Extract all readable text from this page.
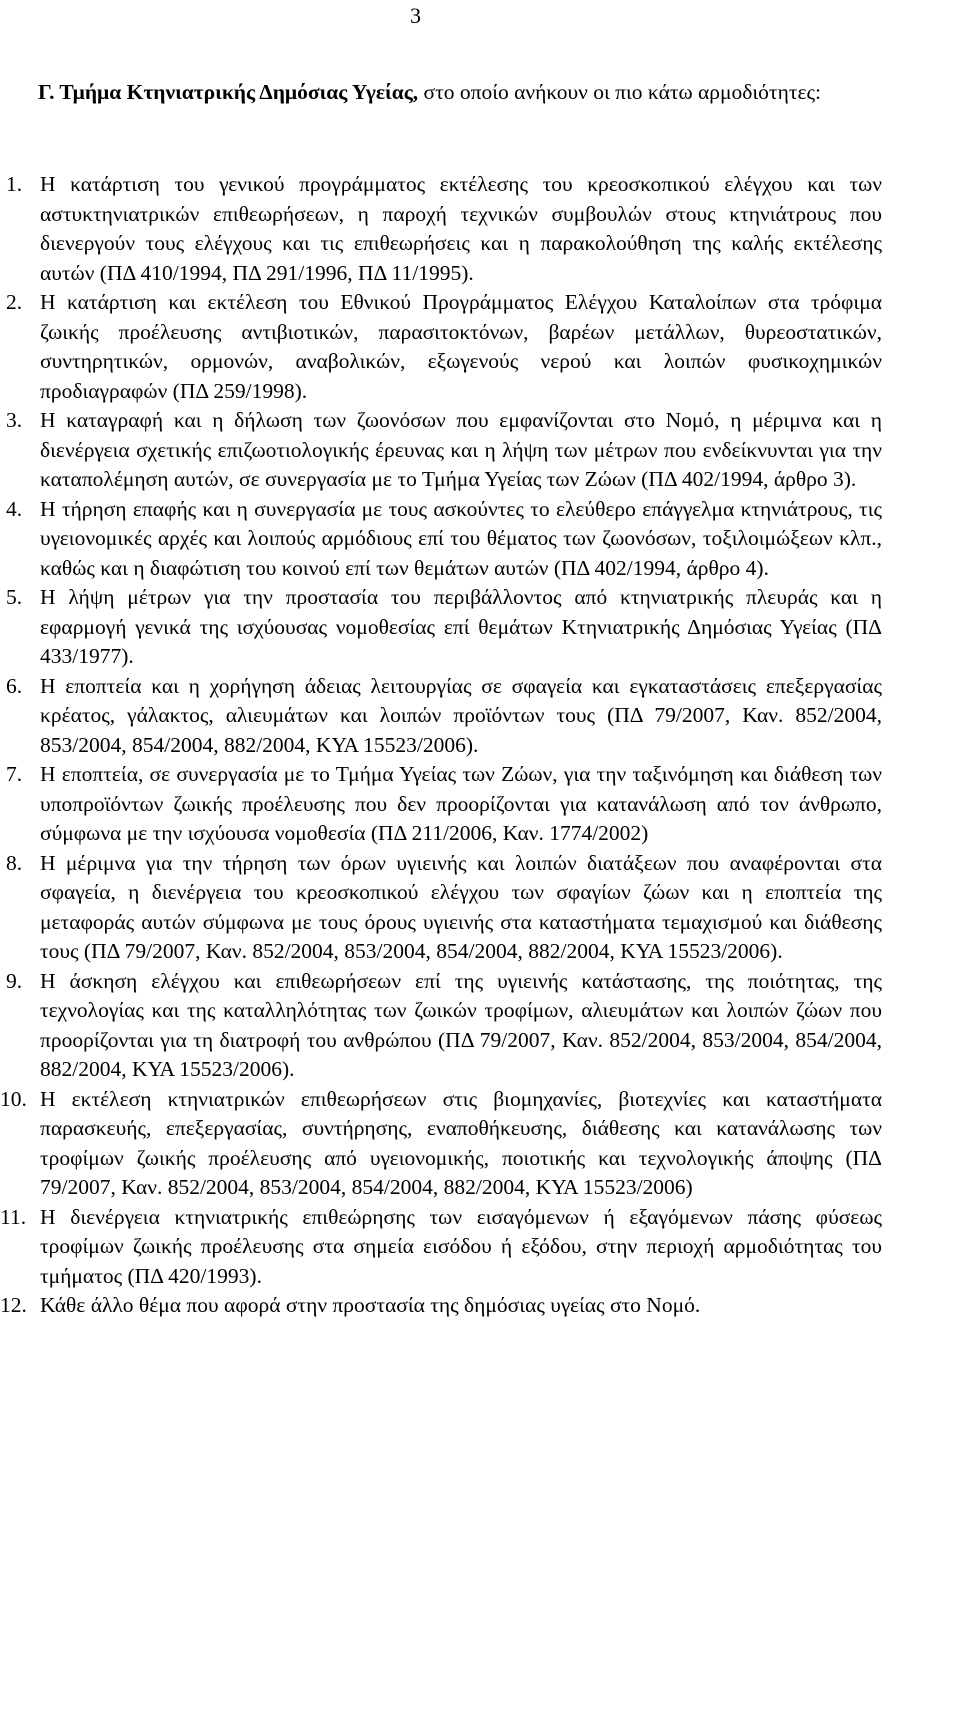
3
Γ. Τμήμα Κτηνιατρικής Δημόσιας Υγείας, στο οποίο ανήκουν οι πιο κάτω αρμοδιότητες:
1. Η κατάρτιση του γενικού προγράμματος εκτέλεσης του κρεοσκοπικού ελέγχου και των αστυκτηνιατρικών επιθεωρήσεων, η παροχή τεχνικών συμβουλών στους κτηνιάτρους που διενεργούν τους ελέγχους και τις επιθεωρήσεις και η παρακολούθηση της καλής εκτέλεσης αυτών (ΠΔ 410/1994, ΠΔ 291/1996, ΠΔ 11/1995).
2. Η κατάρτιση και εκτέλεση του Εθνικού Προγράμματος Ελέγχου Καταλοίπων στα τρόφιμα ζωικής προέλευσης αντιβιοτικών, παρασιτοκτόνων, βαρέων μετάλλων, θυρεοστατικών, συντηρητικών, ορμονών, αναβολικών, εξωγενούς νερού και λοιπών φυσικοχημικών προδιαγραφών (ΠΔ 259/1998).
3. Η καταγραφή και η δήλωση των ζωονόσων που εμφανίζονται στο Νομό, η μέριμνα και η διενέργεια σχετικής επιζωοτιολογικής έρευνας και η λήψη των μέτρων που ενδείκνυνται για την καταπολέμηση αυτών, σε συνεργασία με το Τμήμα Υγείας των Ζώων (ΠΔ 402/1994, άρθρο 3).
4. Η τήρηση επαφής και η συνεργασία με τους ασκούντες το ελεύθερο επάγγελμα κτηνιάτρους, τις υγειονομικές αρχές και λοιπούς αρμόδιους επί του θέματος των ζωονόσων, τοξιλοιμώξεων κλπ., καθώς και η διαφώτιση του κοινού επί των θεμάτων αυτών (ΠΔ 402/1994, άρθρο 4).
5. Η λήψη μέτρων για την προστασία του περιβάλλοντος από κτηνιατρικής πλευράς και η εφαρμογή γενικά της ισχύουσας νομοθεσίας επί θεμάτων Κτηνιατρικής Δημόσιας Υγείας (ΠΔ 433/1977).
6. Η εποπτεία και η χορήγηση άδειας λειτουργίας σε σφαγεία και εγκαταστάσεις επεξεργασίας κρέατος, γάλακτος, αλιευμάτων και λοιπών προϊόντων τους (ΠΔ 79/2007, Καν. 852/2004, 853/2004, 854/2004, 882/2004, ΚΥΑ 15523/2006).
7. Η εποπτεία, σε συνεργασία με το Τμήμα Υγείας των Ζώων, για την ταξινόμηση και διάθεση των υποπροϊόντων ζωικής προέλευσης που δεν προορίζονται για κατανάλωση από τον άνθρωπο, σύμφωνα με την ισχύουσα νομοθεσία (ΠΔ 211/2006, Καν. 1774/2002)
8. Η μέριμνα για την τήρηση των όρων υγιεινής και λοιπών διατάξεων που αναφέρονται στα σφαγεία, η διενέργεια του κρεοσκοπικού ελέγχου των σφαγίων ζώων και η εποπτεία της μεταφοράς αυτών σύμφωνα με τους όρους υγιεινής στα καταστήματα τεμαχισμού και διάθεσης τους (ΠΔ 79/2007, Καν. 852/2004, 853/2004, 854/2004, 882/2004, ΚΥΑ 15523/2006).
9. Η άσκηση ελέγχου και επιθεωρήσεων επί της υγιεινής κατάστασης, της ποιότητας, της τεχνολογίας και της καταλληλότητας των ζωικών τροφίμων, αλιευμάτων και λοιπών ζώων που προορίζονται για τη διατροφή του ανθρώπου (ΠΔ 79/2007, Καν. 852/2004, 853/2004, 854/2004, 882/2004, ΚΥΑ 15523/2006).
10. Η εκτέλεση κτηνιατρικών επιθεωρήσεων στις βιομηχανίες, βιοτεχνίες και καταστήματα παρασκευής, επεξεργασίας, συντήρησης, εναποθήκευσης, διάθεσης και κατανάλωσης των τροφίμων ζωικής προέλευσης από υγειονομικής, ποιοτικής και τεχνολογικής άποψης (ΠΔ 79/2007, Καν. 852/2004, 853/2004, 854/2004, 882/2004, ΚΥΑ 15523/2006)
11. Η διενέργεια κτηνιατρικής επιθεώρησης των εισαγόμενων ή εξαγόμενων πάσης φύσεως τροφίμων ζωικής προέλευσης στα σημεία εισόδου ή εξόδου, στην περιοχή αρμοδιότητας του τμήματος (ΠΔ 420/1993).
12. Κάθε άλλο θέμα που αφορά στην προστασία της δημόσιας υγείας στο Νομό.
